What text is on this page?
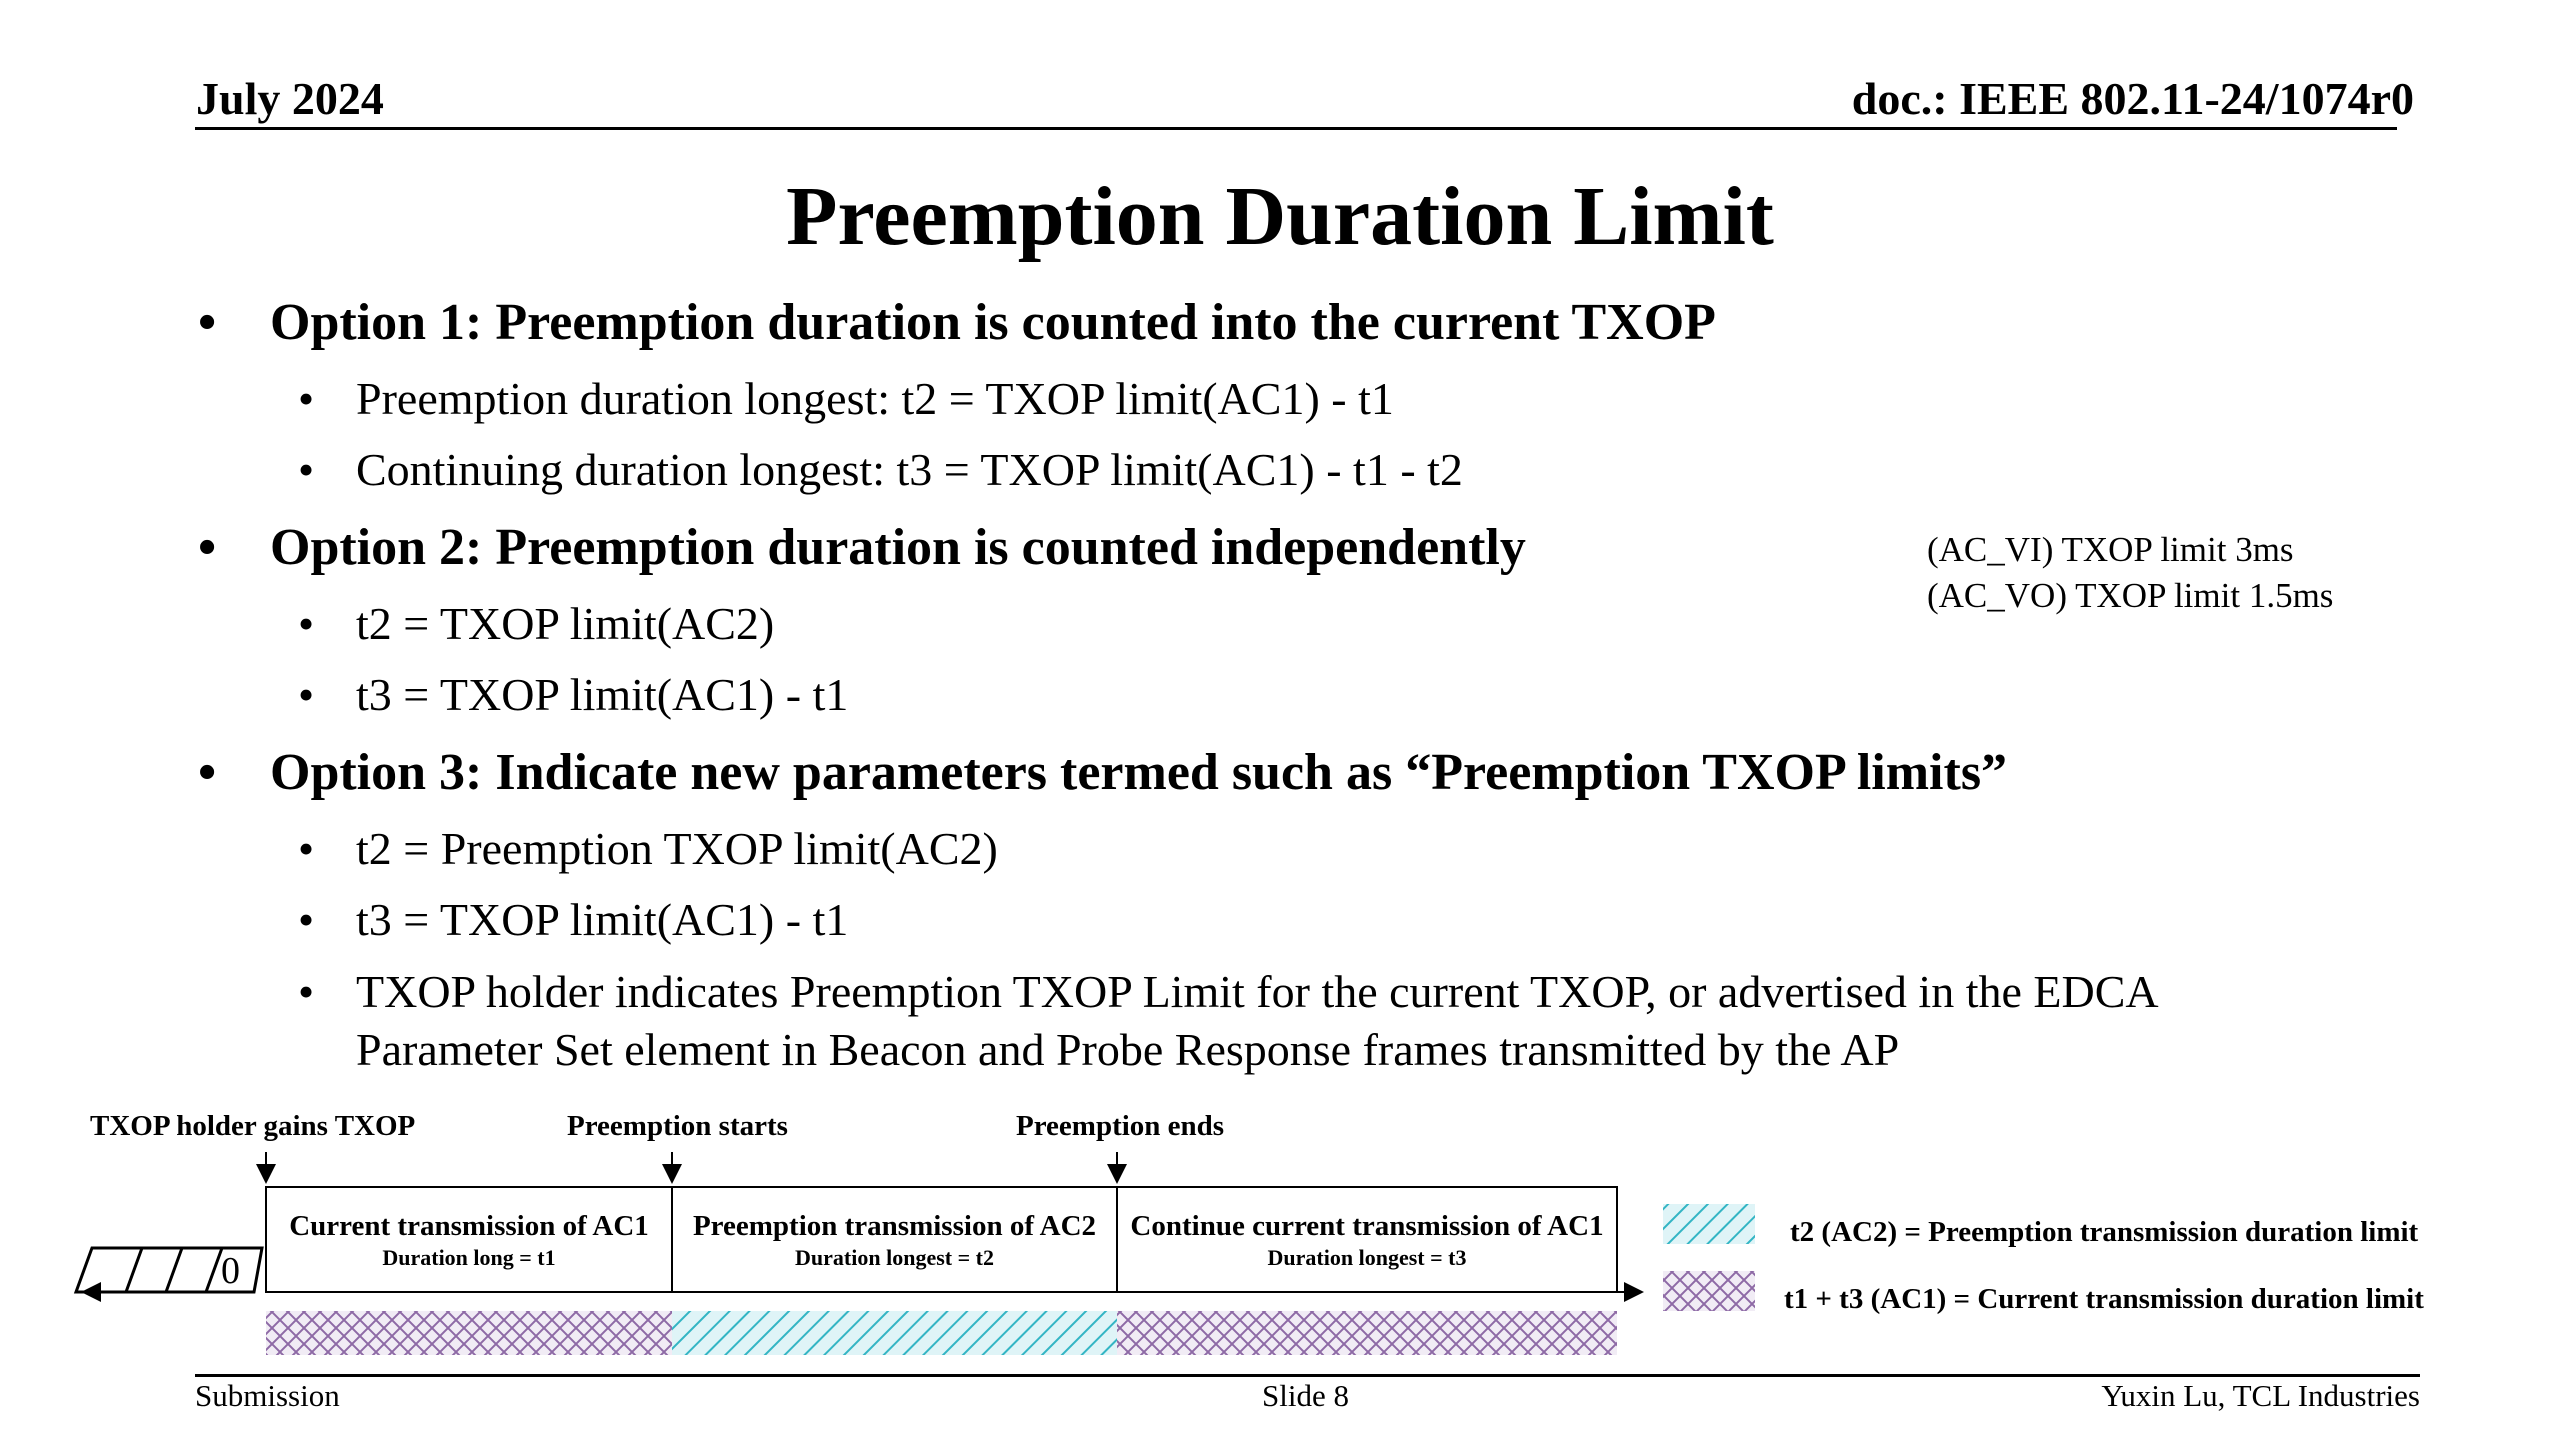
July 2024	doc.: IEEE 802.11-24/1074r0
Preemption Duration Limit
• Option 1: Preemption duration is counted into the current TXOP
• Preemption duration longest: t2 = TXOP limit(AC1) - t1
• Continuing duration longest: t3 = TXOP limit(AC1) - t1 - t2
• Option 2: Preemption duration is counted independently
• t2 = TXOP limit(AC2)
• t3 = TXOP limit(AC1) - t1
(AC_VI) TXOP limit 3ms
(AC_VO) TXOP limit 1.5ms
• Option 3: Indicate new parameters termed such as “Preemption TXOP limits”
• t2 = Preemption TXOP limit(AC2)
• t3 = TXOP limit(AC1) - t1
• TXOP holder indicates Preemption TXOP Limit for the current TXOP, or advertised in the EDCA
Parameter Set element in Beacon and Probe Response frames transmitted by the AP
TXOP holder gains TXOP	Preemption starts	Preemption ends
0
Current transmission of AC1
Duration long = t1
Preemption transmission of AC2
Duration longest = t2
Continue current transmission of AC1
Duration longest = t3
t2 (AC2) = Preemption transmission duration limit
t1 + t3 (AC1) = Current transmission duration limit
Submission	Slide 8	Yuxin Lu, TCL Industries
